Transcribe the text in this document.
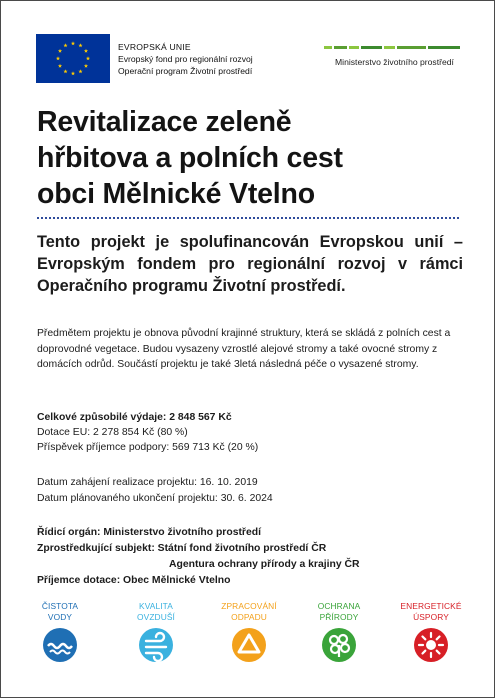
EVROPSKÁ UNIE
Evropský fond pro regionální rozvoj
Operační program Životní prostředí
Ministerstvo životního prostředí
Revitalizace zeleně
hřbitova a polních cest
obci Mělnické Vtelno
Tento projekt je spolufinancován Evropskou unií – Evropským fondem pro regionální rozvoj v rámci Operačního programu Životní prostředí.
Předmětem projektu je obnova původní krajinné struktury, která se skládá z polních cest a doprovodné vegetace. Budou vysazeny vzrostlé alejové stromy a také ovocné stromy z domácích odrůd. Součástí projektu je také 3letá následná péče o vysazené stromy.
Celkové způsobilé výdaje: 2 848 567 Kč
Dotace EU: 2 278 854 Kč (80 %)
Příspěvek příjemce podpory: 569 713 Kč (20 %)
Datum zahájení realizace projektu: 16. 10. 2019
Datum plánovaného ukončení projektu: 30. 6. 2024
Řídicí orgán: Ministerstvo životního prostředí
Zprostředkující subjekt: Státní fond životního prostředí ČR
Agentura ochrany přírody a krajiny ČR
Příjemce dotace: Obec Mělnické Vtelno
ČISTOTA
VODY
KVALITA
OVZDUŠÍ
ZPRACOVÁNÍ
ODPADU
OCHRANA
PŘÍRODY
ENERGETICKÉ
ÚSPORY
